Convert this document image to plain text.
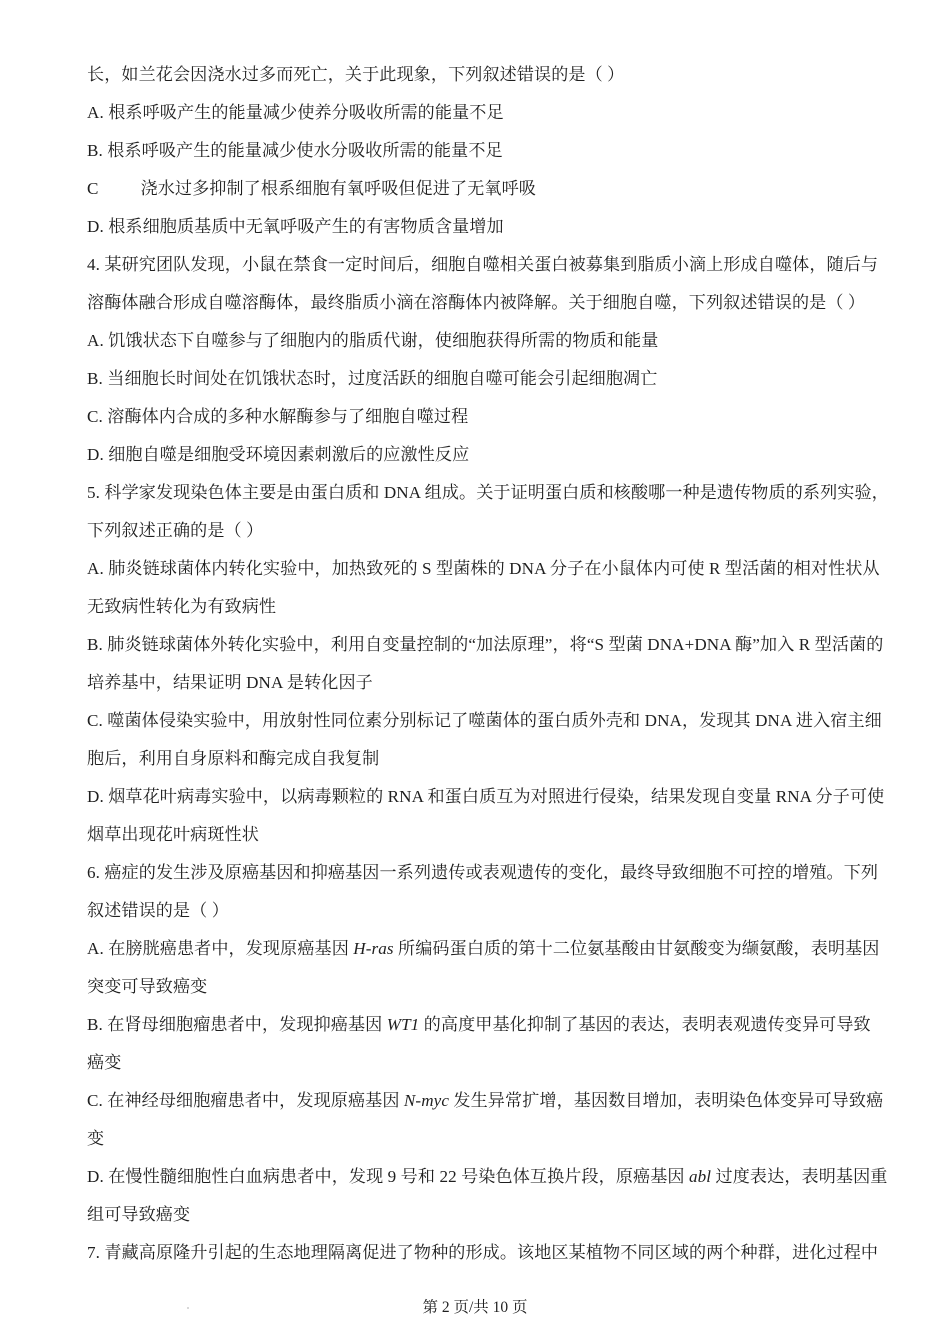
长，如兰花会因浇水过多而死亡，关于此现象，下列叙述错误的是（ ）
A. 根系呼吸产生的能量减少使养分吸收所需的能量不足
B. 根系呼吸产生的能量减少使水分吸收所需的能量不足
C 浇水过多抑制了根系细胞有氧呼吸但促进了无氧呼吸
D. 根系细胞质基质中无氧呼吸产生的有害物质含量增加
4. 某研究团队发现，小鼠在禁食一定时间后，细胞自噬相关蛋白被募集到脂质小滴上形成自噬体，随后与
溶酶体融合形成自噬溶酶体，最终脂质小滴在溶酶体内被降解。关于细胞自噬，下列叙述错误的是（ ）
A. 饥饿状态下自噬参与了细胞内的脂质代谢，使细胞获得所需的物质和能量
B. 当细胞长时间处在饥饿状态时，过度活跃的细胞自噬可能会引起细胞凋亡
C. 溶酶体内合成的多种水解酶参与了细胞自噬过程
D. 细胞自噬是细胞受环境因素刺激后的应激性反应
5. 科学家发现染色体主要是由蛋白质和 DNA 组成。关于证明蛋白质和核酸哪一种是遗传物质的系列实验，
下列叙述正确的是（ ）
A. 肺炎链球菌体内转化实验中，加热致死的 S 型菌株的 DNA 分子在小鼠体内可使 R 型活菌的相对性状从
无致病性转化为有致病性
B. 肺炎链球菌体外转化实验中，利用自变量控制的“加法原理”，将“S 型菌 DNA+DNA 酶”加入 R 型活菌的
培养基中，结果证明 DNA 是转化因子
C. 噬菌体侵染实验中，用放射性同位素分别标记了噬菌体的蛋白质外壳和 DNA，发现其 DNA 进入宿主细
胞后，利用自身原料和酶完成自我复制
D. 烟草花叶病毒实验中，以病毒颗粒的 RNA 和蛋白质互为对照进行侵染，结果发现自变量 RNA 分子可使
烟草出现花叶病斑性状
6. 癌症的发生涉及原癌基因和抑癌基因一系列遗传或表观遗传的变化，最终导致细胞不可控的增殖。下列
叙述错误的是（ ）
A. 在膀胱癌患者中，发现原癌基因 H-ras 所编码蛋白质的第十二位氨基酸由甘氨酸变为缬氨酸，表明基因
突变可导致癌变
B. 在肾母细胞瘤患者中，发现抑癌基因 WT1 的高度甲基化抑制了基因的表达，表明表观遗传变异可导致
癌变
C. 在神经母细胞瘤患者中，发现原癌基因 N-myc 发生异常扩增，基因数目增加，表明染色体变异可导致癌
变
D. 在慢性髓细胞性白血病患者中，发现 9 号和 22 号染色体互换片段，原癌基因 abl 过度表达，表明基因重
组可导致癌变
7. 青藏高原隆升引起的生态地理隔离促进了物种的形成。该地区某植物不同区域的两个种群，进化过程中
第 2 页/共 10 页
